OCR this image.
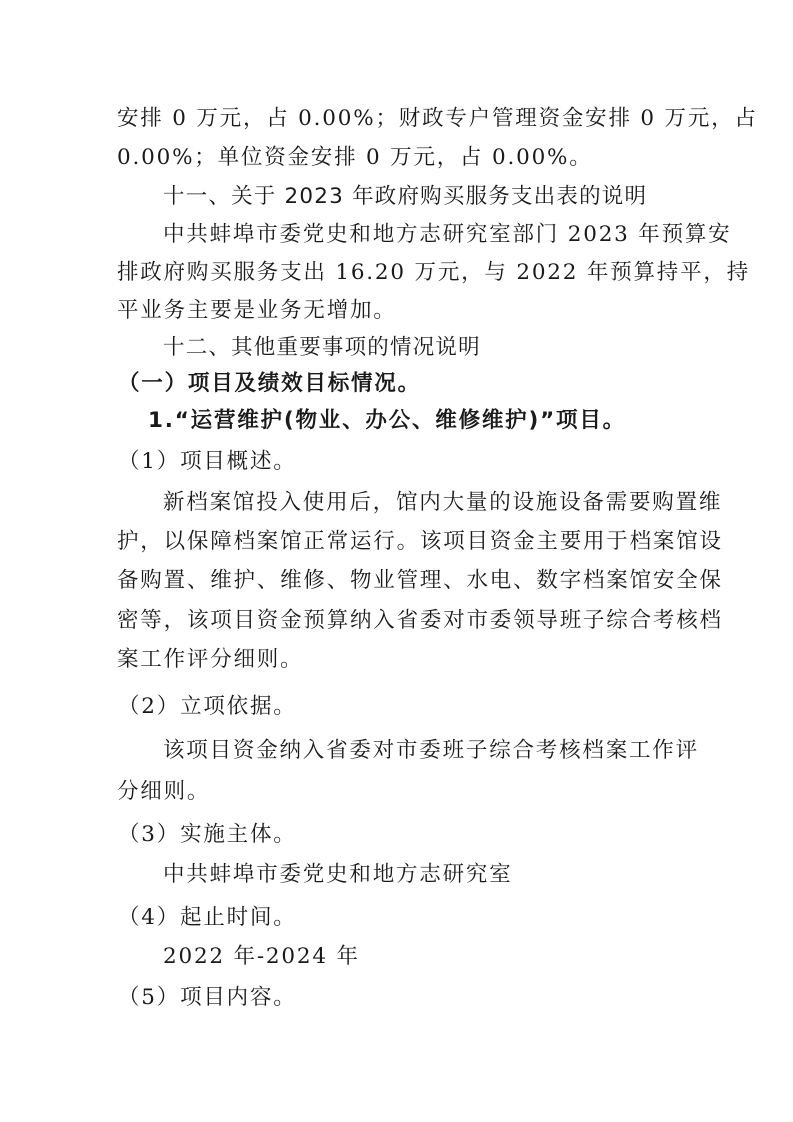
安排 0 万元，占 0.00%；财政专户管理资金安排 0 万元，占
0.00%；单位资金安排 0 万元，占 0.00%。
十一、关于 2023 年政府购买服务支出表的说明
中共蚌埠市委党史和地方志研究室部门 2023 年预算安
排政府购买服务支出 16.20 万元，与 2022 年预算持平，持
平业务主要是业务无增加。
十二、其他重要事项的情况说明
（一）项目及绩效目标情况。
1.“运营维护(物业、办公、维修维护)”项目。
（1）项目概述。
新档案馆投入使用后，馆内大量的设施设备需要购置维
护，以保障档案馆正常运行。该项目资金主要用于档案馆设
备购置、维护、维修、物业管理、水电、数字档案馆安全保
密等，该项目资金预算纳入省委对市委领导班子综合考核档
案工作评分细则。
（2）立项依据。
该项目资金纳入省委对市委班子综合考核档案工作评
分细则。
（3）实施主体。
中共蚌埠市委党史和地方志研究室
（4）起止时间。
2022 年-2024 年
（5）项目内容。
